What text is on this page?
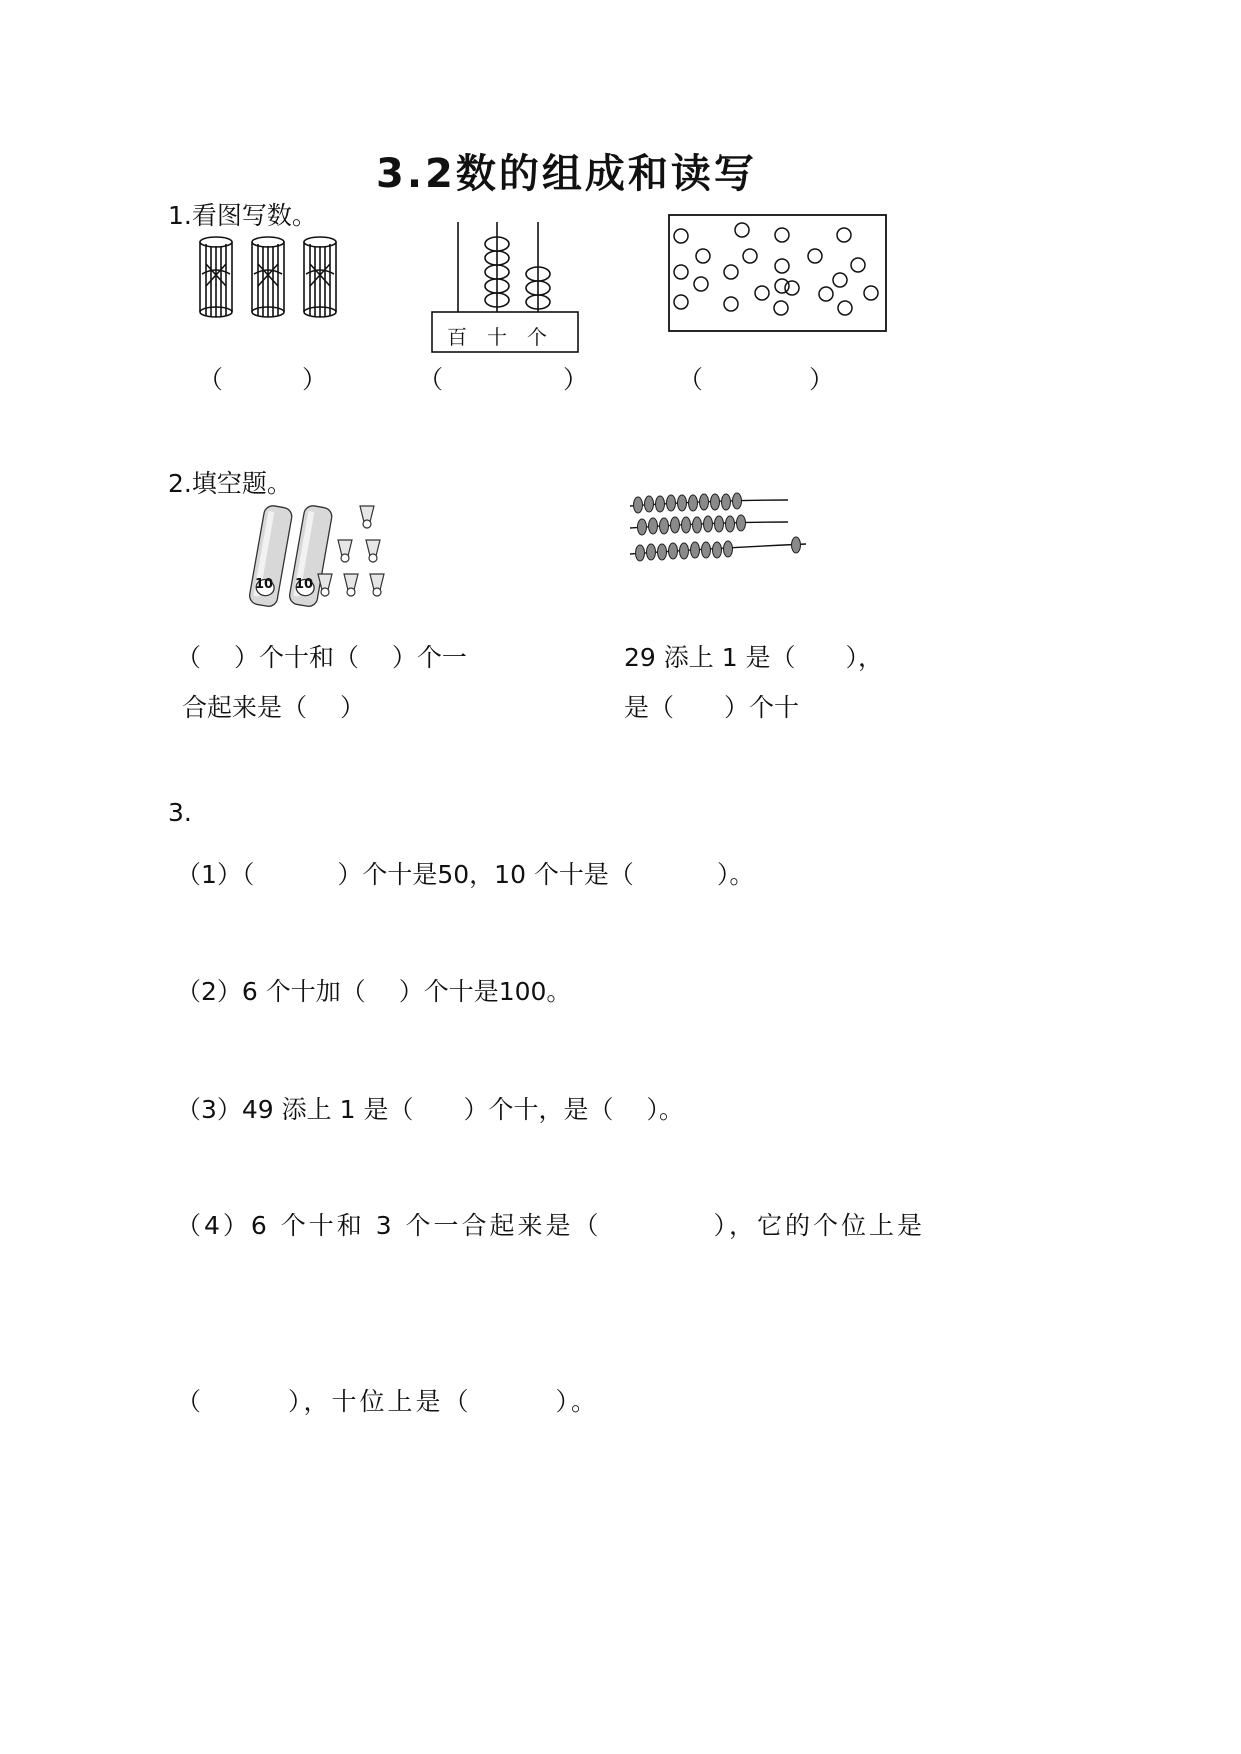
3.2数的组成和读写
1.看图写数。
百 十 个
（	）	（	）	（	）
2.填空题。
10 10
（　 ）个十和（　 ）个一
合起来是（　 ）
29 添上 1 是（　　），
是（　　）个十
3.
（1）（　　　 ）个十是50，10 个十是（　　　 ）。
（2）6 个十加（　 ）个十是100。
（3）49 添上 1 是（　　）个十，是（　 ）。
（4）6 个十和 3 个一合起来是（　　　　），它的个位上是
（　　　），十位上是（　　　）。
